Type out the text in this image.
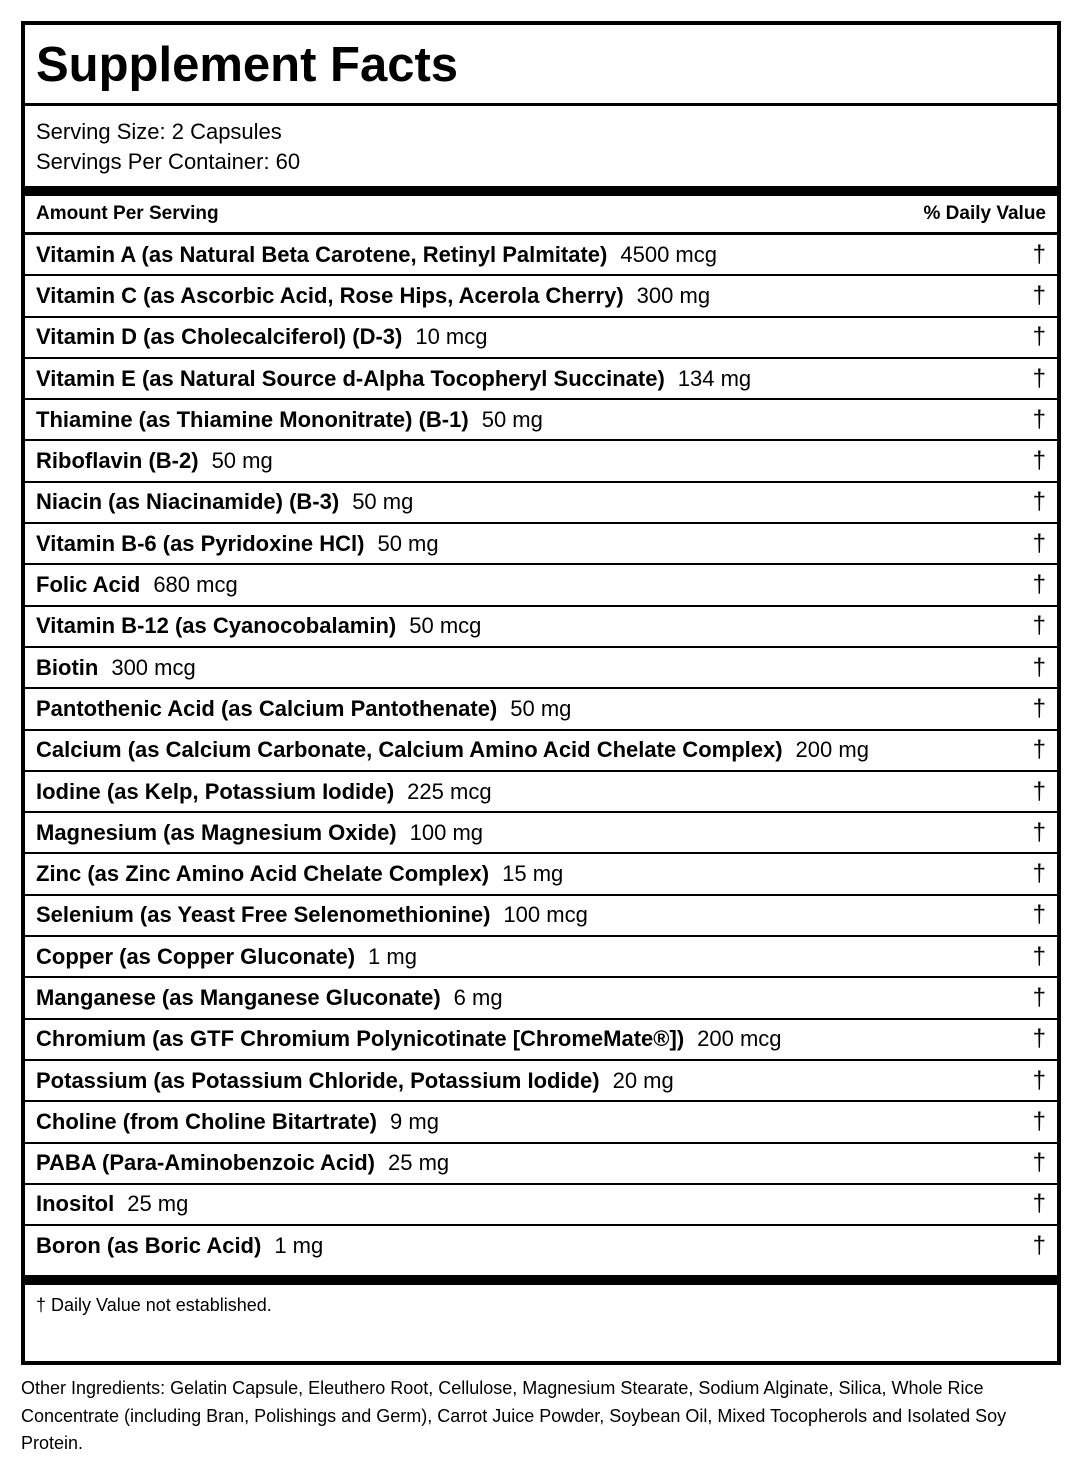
Supplement Facts
Serving Size: 2 Capsules
Servings Per Container: 60
Amount Per Serving	% Daily Value
Vitamin A (as Natural Beta Carotene, Retinyl Palmitate) 4500 mcg	†
Vitamin C (as Ascorbic Acid, Rose Hips, Acerola Cherry) 300 mg	†
Vitamin D (as Cholecalciferol) (D-3) 10 mcg	†
Vitamin E (as Natural Source d-Alpha Tocopheryl Succinate) 134 mg	†
Thiamine (as Thiamine Mononitrate) (B-1) 50 mg	†
Riboflavin (B-2) 50 mg	†
Niacin (as Niacinamide) (B-3) 50 mg	†
Vitamin B-6 (as Pyridoxine HCl) 50 mg	†
Folic Acid 680 mcg	†
Vitamin B-12 (as Cyanocobalamin) 50 mcg	†
Biotin 300 mcg	†
Pantothenic Acid (as Calcium Pantothenate) 50 mg	†
Calcium (as Calcium Carbonate, Calcium Amino Acid Chelate Complex) 200 mg	†
Iodine (as Kelp, Potassium Iodide) 225 mcg	†
Magnesium (as Magnesium Oxide) 100 mg	†
Zinc (as Zinc Amino Acid Chelate Complex) 15 mg	†
Selenium (as Yeast Free Selenomethionine) 100 mcg	†
Copper (as Copper Gluconate) 1 mg	†
Manganese (as Manganese Gluconate) 6 mg	†
Chromium (as GTF Chromium Polynicotinate [ChromeMate®]) 200 mcg	†
Potassium (as Potassium Chloride, Potassium Iodide) 20 mg	†
Choline (from Choline Bitartrate) 9 mg	†
PABA (Para-Aminobenzoic Acid) 25 mg	†
Inositol 25 mg	†
Boron (as Boric Acid) 1 mg	†
† Daily Value not established.
Other Ingredients: Gelatin Capsule, Eleuthero Root, Cellulose, Magnesium Stearate, Sodium Alginate, Silica, Whole Rice Concentrate (including Bran, Polishings and Germ), Carrot Juice Powder, Soybean Oil, Mixed Tocopherols and Isolated Soy Protein.
